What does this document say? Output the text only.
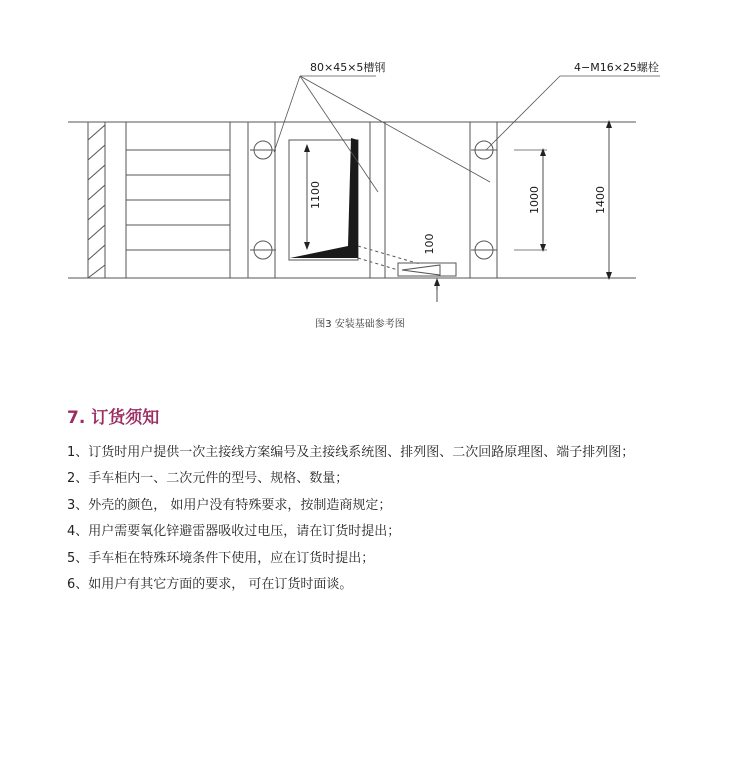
80×45×5槽钢	4−M16×25螺栓
1100	1000	1400
100
图3 安装基础参考图
7. 订货须知
1、订货时用户提供一次主接线方案编号及主接线系统图、排列图、二次回路原理图、端子排列图；
2、手车柜内一、二次元件的型号、规格、数量；
3、外壳的颜色， 如用户没有特殊要求，按制造商规定；
4、用户需要氧化锌避雷器吸收过电压，请在订货时提出；
5、手车柜在特殊环境条件下使用，应在订货时提出；
6、如用户有其它方面的要求， 可在订货时面谈。
